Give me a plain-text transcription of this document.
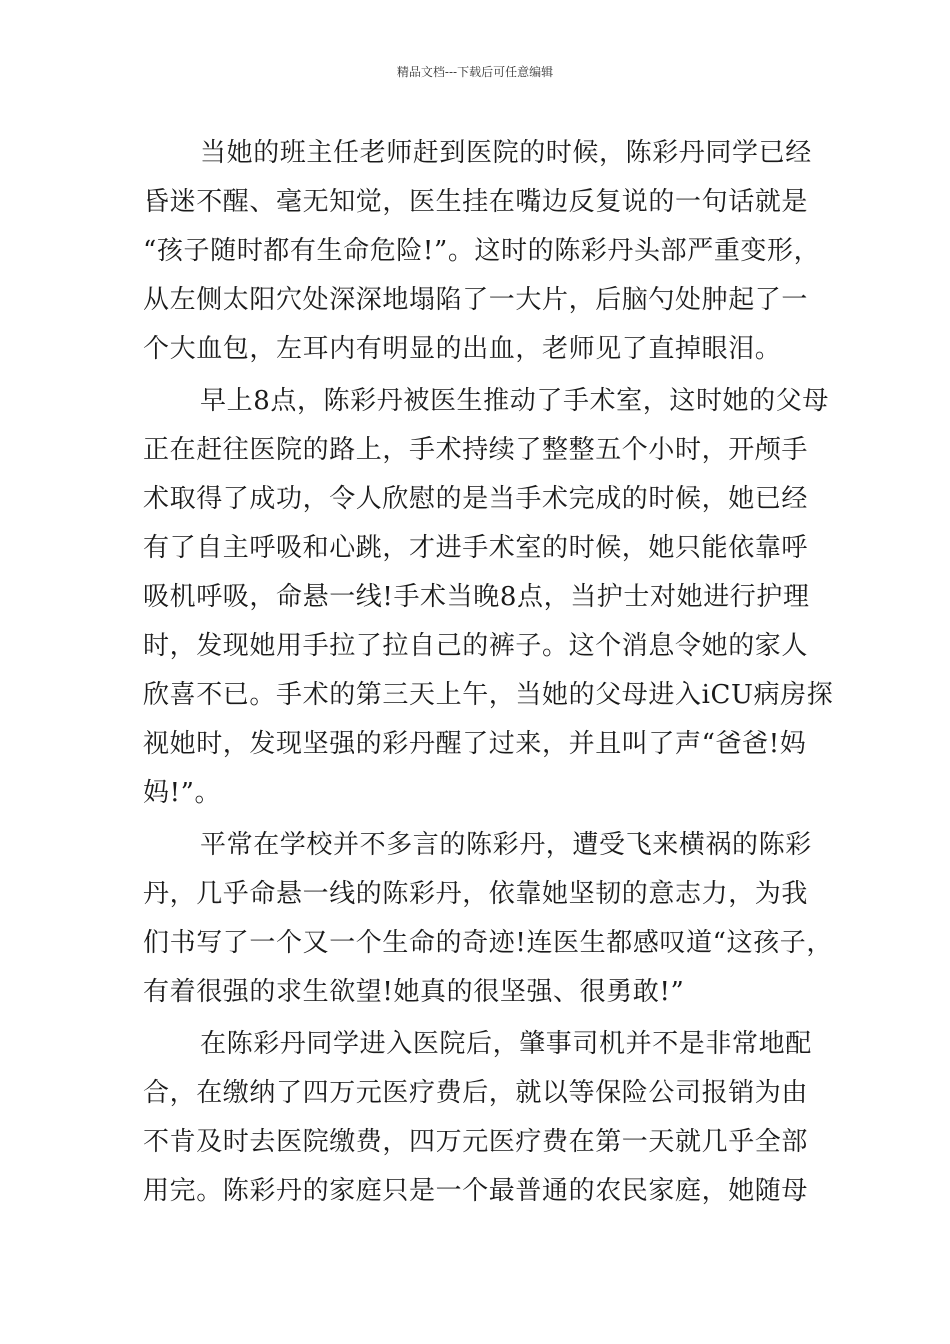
精品文档---下载后可任意编辑
当她的班主任老师赶到医院的时候，陈彩丹同学已经
昏迷不醒、毫无知觉，医生挂在嘴边反复说的一句话就是
“孩子随时都有生命危险!”。这时的陈彩丹头部严重变形，
从左侧太阳穴处深深地塌陷了一大片，后脑勺处肿起了一
个大血包，左耳内有明显的出血，老师见了直掉眼泪。
早上8点，陈彩丹被医生推动了手术室，这时她的父母
正在赶往医院的路上，手术持续了整整五个小时，开颅手
术取得了成功，令人欣慰的是当手术完成的时候，她已经
有了自主呼吸和心跳，才进手术室的时候，她只能依靠呼
吸机呼吸，命悬一线!手术当晚8点，当护士对她进行护理
时，发现她用手拉了拉自己的裤子。这个消息令她的家人
欣喜不已。手术的第三天上午，当她的父母进入iCU病房探
视她时，发现坚强的彩丹醒了过来，并且叫了声“爸爸!妈
妈!”。
平常在学校并不多言的陈彩丹，遭受飞来横祸的陈彩
丹，几乎命悬一线的陈彩丹，依靠她坚韧的意志力，为我
们书写了一个又一个生命的奇迹!连医生都感叹道“这孩子，
有着很强的求生欲望!她真的很坚强、很勇敢!”
在陈彩丹同学进入医院后，肇事司机并不是非常地配
合，在缴纳了四万元医疗费后，就以等保险公司报销为由
不肯及时去医院缴费，四万元医疗费在第一天就几乎全部
用完。陈彩丹的家庭只是一个最普通的农民家庭，她随母
